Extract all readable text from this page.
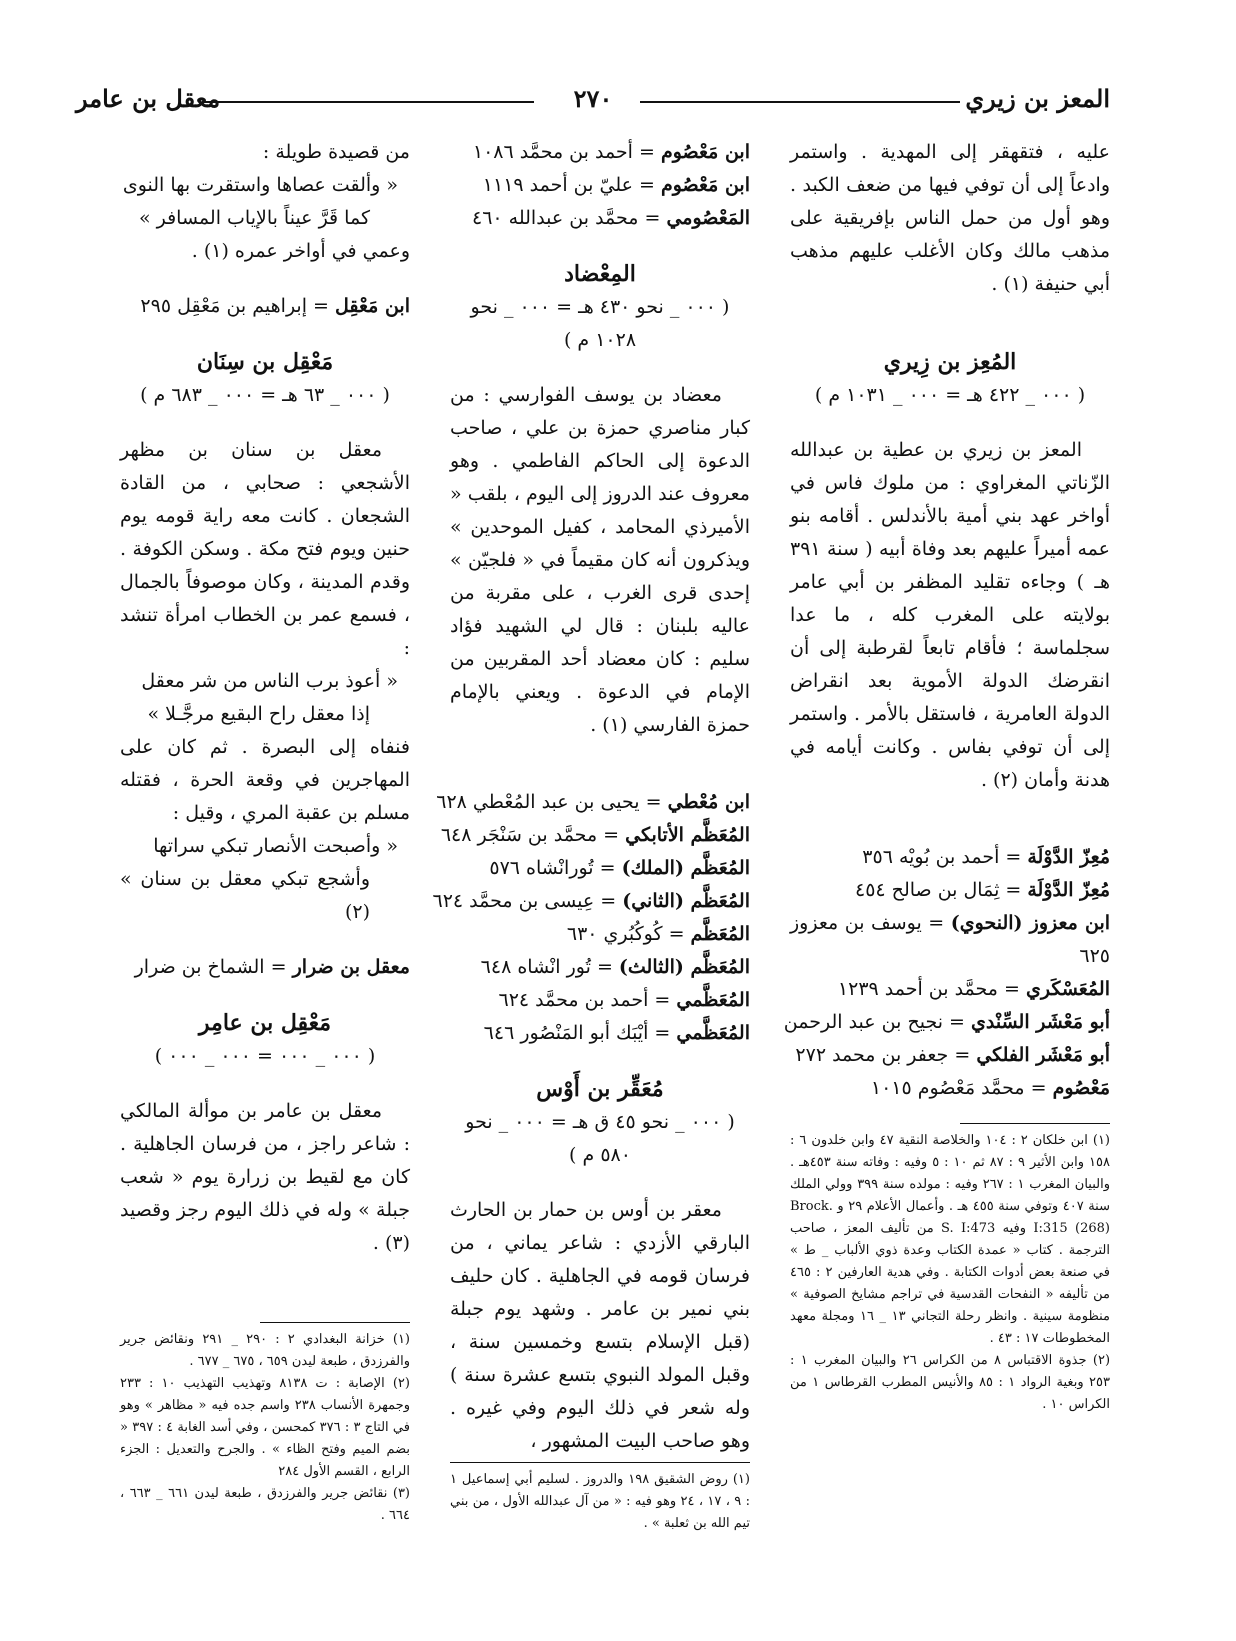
المعز بن زيري
٢٧٠
معقل بن عامر

عليه ، فتقهقر إلى المهدية . واستمر وادعاً إلى أن توفي فيها من ضعف الكبد . وهو أول من حمل الناس بإفريقية على مذهب مالك وكان الأغلب عليهم مذهب أبي حنيفة (١) .

المُعِز بن زِيري
( ٠٠٠ _ ٤٢٢ هـ = ٠٠٠ _ ١٠٣١ م )

المعز بن زيري بن عطية بن عبدالله الزّناتي المغراوي : من ملوك فاس في أواخر عهد بني أمية بالأندلس . أقامه بنو عمه أميراً عليهم بعد وفاة أبيه ( سنة ٣٩١ هـ ) وجاءه تقليد المظفر بن أبي عامر بولايته على المغرب كله ، ما عدا سجلماسة ؛ فأقام تابعاً لقرطبة إلى أن انقرضك الدولة الأموية بعد انقراض الدولة العامرية ، فاستقل بالأمر . واستمر إلى أن توفي بفاس . وكانت أيامه في هدنة وأمان (٢) .

مُعِزّ الدَّوْلَة = أحمد بن بُويْه ٣٥٦
مُعِزّ الدَّوْلَة = ثِمَال بن صالح ٤٥٤
ابن معزوز (النحوي) = يوسف بن معزوز ٦٢٥
المُعَسْكَري = محمَّد بن أحمد ١٢٣٩
أبو مَعْشَر السِّنْدي = نجيح بن عبد الرحمن
أبو مَعْشَر الفلكي = جعفر بن محمد ٢٧٢
مَعْصُوم = محمَّد مَعْصُوم ١٠١٥

(١) ابن خلكان ٢ : ١٠٤ والخلاصة النقية ٤٧ وابن خلدون ٦ : ١٥٨ وابن الأثير ٩ : ٨٧ ثم ١٠ : ٥ وفيه : وفاته سنة ٤٥٣هـ . والبيان المغرب ١ : ٢٦٧ وفيه : مولده سنة ٣٩٩ وولي الملك سنة ٤٠٧ وتوفي سنة ٤٥٥ هـ . وأعمال الأعلام ٢٩ و Brock. I:315 (268) وفيه S. I:473 من تأليف المعز ، صاحب الترجمة . كتاب « عمدة الكتاب وعدة ذوي الألباب _ ط » في صنعة بعض أدوات الكتابة . وفي هدية العارفين ٢ : ٤٦٥ من تأليفه « النفحات القدسية في تراجم مشايخ الصوفية » منظومة سينية . وانظر رحلة التجاني ١٣ _ ١٦ ومجلة معهد المخطوطات ١٧ : ٤٣ .

(٢) جذوة الاقتباس ٨ من الكراس ٢٦ والبيان المغرب ١ : ٢٥٣ وبغية الرواد ١ : ٨٥ والأنيس المطرب القرطاس ١ من الكراس ١٠ .

ابن مَعْصُوم = أحمد بن محمَّد ١٠٨٦
ابن مَعْصُوم = عليّ بن أحمد ١١١٩
المَعْصُومي = محمَّد بن عبدالله ٤٦٠
المِعْضاد
( ٠٠٠ _ نحو ٤٣٠ هـ = ٠٠٠ _ نحو ١٠٢٨ م )

معضاد بن يوسف الفوارسي : من كبار مناصري حمزة بن علي ، صاحب الدعوة إلى الحاكم الفاطمي . وهو معروف عند الدروز إلى اليوم ، بلقب « الأميرذي المحامد ، كفيل الموحدين » ويذكرون أنه كان مقيماً في « فلجيّن » إحدى قرى الغرب ، على مقربة من عاليه بلبنان : قال لي الشهيد فؤاد سليم : كان معضاد أحد المقربين من الإمام في الدعوة . ويعني بالإمام حمزة الفارسي (١) .

ابن مُعْطي = يحيى بن عبد المُعْطي ٦٢٨
المُعَظَّم الأتابكي = محمَّد بن سَنْجَر ٦٤٨
المُعَظَّم (الملك) = تُورانْشاه ٥٧٦
المُعَظَّم (الثاني) = عِيسى بن محمَّد ٦٢٤
المُعَظَّم = كُوكُبُري ٦٣٠
المُعَظَّم (الثالث) = تُور انْشاه ٦٤٨
المُعَظَّمي = أحمد بن محمَّد ٦٢٤
المُعَظَّمي = أيْبَك أبو المَنْصُور ٦٤٦
مُعَقِّر بن أَوْس
( ٠٠٠ _ نحو ٤٥ ق هـ = ٠٠٠ _ نحو ٥٨٠ م )

معقر بن أوس بن حمار بن الحارث البارقي الأزدي : شاعر يماني ، من فرسان قومه في الجاهلية . كان حليف بني نمير بن عامر . وشهد يوم جبلة (قبل الإسلام بتسع وخمسين سنة ، وقبل المولد النبوي بتسع عشرة سنة ) وله شعر في ذلك اليوم وفي غيره . وهو صاحب البيت المشهور ،

(١) روض الشقيق ١٩٨ والدروز . لسليم أبي إسماعيل ١ : ٩ ، ١٧ ، ٢٤ وهو فيه : « من آل عبدالله الأول ، من بني تيم الله بن ثعلبة » .

من قصيدة طويلة :

« وألقت عصاها واستقرت بها النوى

كما قَرَّ عيناً بالإياب المسافر »

وعمي في أواخر عمره (١) .

ابن مَعْقِل = إبراهيم بن مَعْقِل ٢٩٥
مَعْقِل بن سِنَان
( ٠٠٠ _ ٦٣ هـ = ٠٠٠ _ ٦٨٣ م )

معقل بن سنان بن مظهر الأشجعي : صحابي ، من القادة الشجعان . كانت معه راية قومه يوم حنين ويوم فتح مكة . وسكن الكوفة . وقدم المدينة ، وكان موصوفاً بالجمال ، فسمع عمر بن الخطاب امرأة تنشد :

« أعوذ برب الناس من شر معقل

إذا معقل راح البقيع مرجَّـلا »

فنفاه إلى البصرة . ثم كان على المهاجرين في وقعة الحرة ، فقتله مسلم بن عقبة المري ، وقيل :

« وأصبحت الأنصار تبكي سراتها

وأشجع تبكي معقل بن سنان » (٢)

معقل بن ضرار = الشماخ بن ضرار
مَعْقِل بن عامِر
( ٠٠٠ _ ٠٠٠ = ٠٠٠ _ ٠٠٠ )

معقل بن عامر بن موألة المالكي : شاعر راجز ، من فرسان الجاهلية . كان مع لقيط بن زرارة يوم « شعب جبلة » وله في ذلك اليوم رجز وقصيد (٣) .

(١) خزانة البغدادي ٢ : ٢٩٠ _ ٢٩١ ونقائض جرير والفرزدق ، طبعة ليدن ٦٥٩ ، ٦٧٥ _ ٦٧٧ .

(٢) الإصابة : ت ٨١٣٨ وتهذيب التهذيب ١٠ : ٢٣٣ وجمهرة الأنساب ٢٣٨ واسم جده فيه « مظاهر » وهو في التاج ٣ : ٣٧٦ كمحسن ، وفي أسد الغابة ٤ : ٣٩٧ « بضم الميم وفتح الظاء » . والجرح والتعديل : الجزء الرابع ، القسم الأول ٢٨٤

(٣) نقائض جرير والفرزدق ، طبعة ليدن ٦٦١ _ ٦٦٣ ، ٦٦٤ .
